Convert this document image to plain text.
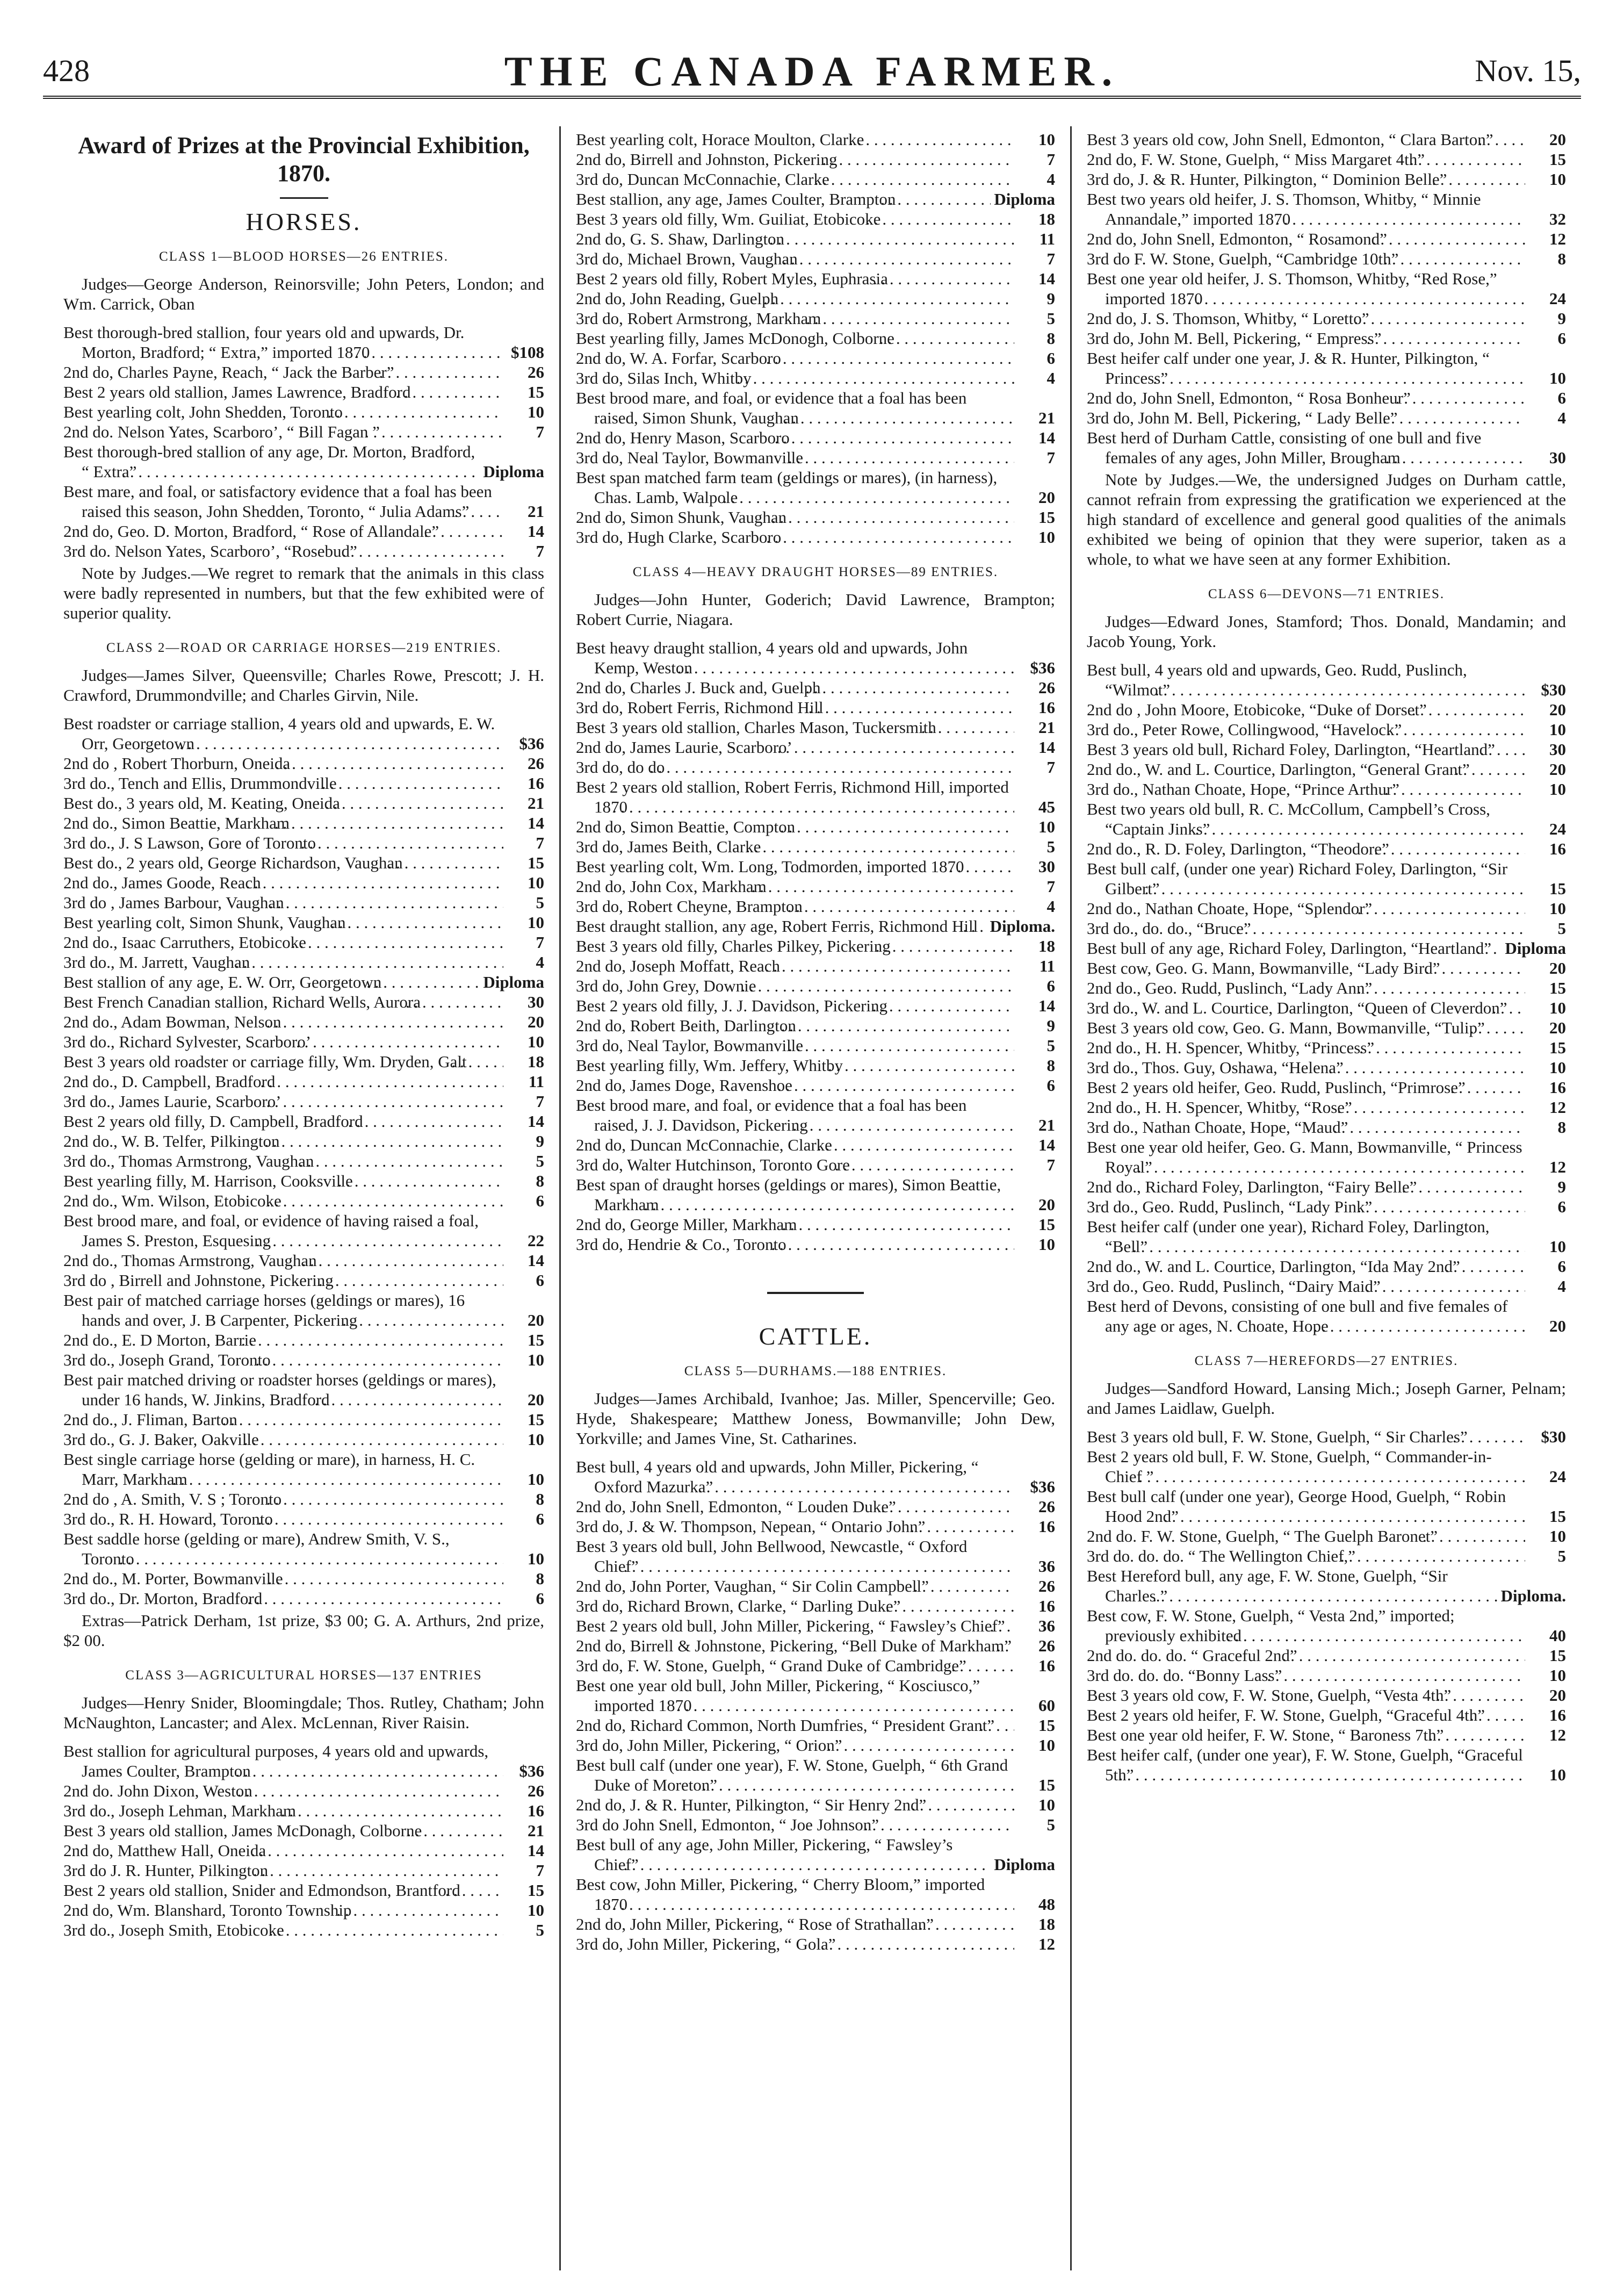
428	THE CANADA FARMER.	Nov. 15,
Award of Prizes at the Provincial Exhibition, 1870.
HORSES.
CLASS 1—BLOOD HORSES—26 ENTRIES.
Judges—George Anderson, Reinorsville; John Peters, London; and Wm. Carrick, Oban
Best thorough-bred stallion, four years old and upwards, Dr. Morton, Bradford; “ Extra,” imported 1870 . . .	$108
2nd do, Charles Payne, Reach, “ Jack the Barber” . . .	26
Best 2 years old stallion, James Lawrence, Bradford . . .	15
Best yearling colt, John Shedden, Toronto . . .	10
2nd do. Nelson Yates, Scarboro’, “ Bill Fagan ” . . .	7
Best thorough-bred stallion of any age, Dr. Morton, Bradford, “ Extra” . . .	Diploma
Best mare, and foal, or satisfactory evidence that a foal has been raised this season, John Shedden, Toronto, “ Julia Adams” . . .	21
2nd do, Geo. D. Morton, Bradford, “ Rose of Allandale” . . .	14
3rd do. Nelson Yates, Scarboro’, “Rosebud” . . .	7
Note by Judges.—We regret to remark that the animals in this class were badly represented in numbers, but that the few exhibited were of superior quality.
CLASS 2—ROAD OR CARRIAGE HORSES—219 ENTRIES.
Judges—James Silver, Queensville; Charles Rowe, Prescott; J. H. Crawford, Drummondville; and Charles Girvin, Nile.
Best roadster or carriage stallion, 4 years old and upwards, E. W. Orr, Georgetown . . .	$36
2nd do , Robert Thorburn, Oneida . . .	26
3rd do., Tench and Ellis, Drummondville . . .	16
Best do., 3 years old, M. Keating, Oneida . . .	21
2nd do., Simon Beattie, Markham . . .	14
3rd do., J. S Lawson, Gore of Toronto . . .	7
Best do., 2 years old, George Richardson, Vaughan . . .	15
2nd do., James Goode, Reach . . .	10
3rd do , James Barbour, Vaughan . . .	5
Best yearling colt, Simon Shunk, Vaughan . . .	10
2nd do., Isaac Carruthers, Etobicoke . . .	7
3rd do., M. Jarrett, Vaughan . . .	4
Best stallion of any age, E. W. Orr, Georgetown . . .	Diploma
Best French Canadian stallion, Richard Wells, Aurora . . .	30
2nd do., Adam Bowman, Nelson . . .	20
3rd do., Richard Sylvester, Scarboro’ . . .	10
Best 3 years old roadster or carriage filly, Wm. Dryden, Galt . . .	18
2nd do., D. Campbell, Bradford . . .	11
3rd do., James Laurie, Scarboro’ . . .	7
Best 2 years old filly, D. Campbell, Bradford . . .	14
2nd do., W. B. Telfer, Pilkington . . .	9
3rd do., Thomas Armstrong, Vaughan . . .	5
Best yearling filly, M. Harrison, Cooksville . . .	8
2nd do., Wm. Wilson, Etobicoke . . .	6
Best brood mare, and foal, or evidence of having raised a foal, James S. Preston, Esquesing . . .	22
2nd do., Thomas Armstrong, Vaughan . . .	14
3rd do , Birrell and Johnstone, Pickering . . .	6
Best pair of matched carriage horses (geldings or mares), 16 hands and over, J. B Carpenter, Pickering . . .	20
2nd do., E. D Morton, Barrie . . .	15
3rd do., Joseph Grand, Toronto . . .	10
Best pair matched driving or roadster horses (geldings or mares), under 16 hands, W. Jinkins, Bradford . . .	20
2nd do., J. Fliman, Barton . . .	15
3rd do., G. J. Baker, Oakville . . .	10
Best single carriage horse (gelding or mare), in harness, H. C. Marr, Markham . . .	10
2nd do , A. Smith, V. S ; Toronto . . .	8
3rd do., R. H. Howard, Toronto . . .	6
Best saddle horse (gelding or mare), Andrew Smith, V. S., Toronto . . .	10
2nd do., M. Porter, Bowmanville . . .	8
3rd do., Dr. Morton, Bradford . . .	6
Extras—Patrick Derham, 1st prize, $3 00; G. A. Arthurs, 2nd prize, $2 00.
CLASS 3—AGRICULTURAL HORSES—137 ENTRIES
Judges—Henry Snider, Bloomingdale; Thos. Rutley, Chatham; John McNaughton, Lancaster; and Alex. McLennan, River Raisin.
Best stallion for agricultural purposes, 4 years old and upwards, James Coulter, Brampton . . .	$36
2nd do. John Dixon, Weston . . .	26
3rd do., Joseph Lehman, Markham . . .	16
Best 3 years old stallion, James McDonagh, Colborne . . .	21
2nd do, Matthew Hall, Oneida . . .	14
3rd do J. R. Hunter, Pilkington . . .	7
Best 2 years old stallion, Snider and Edmondson, Brantford . . .	15
2nd do, Wm. Blanshard, Toronto Township . . .	10
3rd do., Joseph Smith, Etobicoke . . .	5
Best yearling colt, Horace Moulton, Clarke . . .	10
2nd do, Birrell and Johnston, Pickering . . .	7
3rd do, Duncan McConnachie, Clarke . . .	4
Best stallion, any age, James Coulter, Brampton . . .	Diploma
Best 3 years old filly, Wm. Guiliat, Etobicoke . . .	18
2nd do, G. S. Shaw, Darlington . . .	11
3rd do, Michael Brown, Vaughan . . .	7
Best 2 years old filly, Robert Myles, Euphrasia . . .	14
2nd do, John Reading, Guelph . . .	9
3rd do, Robert Armstrong, Markham . . .	5
Best yearling filly, James McDonogh, Colborne . . .	8
2nd do, W. A. Forfar, Scarboro . . .	6
3rd do, Silas Inch, Whitby . . .	4
Best brood mare, and foal, or evidence that a foal has been raised, Simon Shunk, Vaughan . . .	21
2nd do, Henry Mason, Scarboro . . .	14
3rd do, Neal Taylor, Bowmanville . . .	7
Best span matched farm team (geldings or mares), (in harness), Chas. Lamb, Walpole . . .	20
2nd do, Simon Shunk, Vaughan . . .	15
3rd do, Hugh Clarke, Scarboro . . .	10
CLASS 4—HEAVY DRAUGHT HORSES—89 ENTRIES.
Judges—John Hunter, Goderich; David Lawrence, Brampton; Robert Currie, Niagara.
Best heavy draught stallion, 4 years old and upwards, John Kemp, Weston . . .	$36
2nd do, Charles J. Buck and, Guelph . . .	26
3rd do, Robert Ferris, Richmond Hill . . .	16
Best 3 years old stallion, Charles Mason, Tuckersmith . . .	21
2nd do, James Laurie, Scarboro’ . . .	14
3rd do, do do . . .	7
Best 2 years old stallion, Robert Ferris, Richmond Hill, imported 1870 . . .	45
2nd do, Simon Beattie, Compton . . .	10
3rd do, James Beith, Clarke . . .	5
Best yearling colt, Wm. Long, Todmorden, imported 1870 . . .	30
2nd do, John Cox, Markham . . .	7
3rd do, Robert Cheyne, Brampton . . .	4
Best draught stallion, any age, Robert Ferris, Richmond Hill . . . Diploma.
Best 3 years old filly, Charles Pilkey, Pickering . . .	18
2nd do, Joseph Moffatt, Reach . . .	11
3rd do, John Grey, Downie . . .	6
Best 2 years old filly, J. J. Davidson, Pickering . . .	14
2nd do, Robert Beith, Darlington . . .	9
3rd do, Neal Taylor, Bowmanville . . .	5
Best yearling filly, Wm. Jeffery, Whitby . . .	8
2nd do, James Doge, Ravenshoe . . .	6
Best brood mare, and foal, or evidence that a foal has been raised, J. J. Davidson, Pickering . . .	21
2nd do, Duncan McConnachie, Clarke . . .	14
3rd do, Walter Hutchinson, Toronto Gore . . .	7
Best span of draught horses (geldings or mares), Simon Beattie, Markham . . .	20
2nd do, George Miller, Markham . . .	15
3rd do, Hendrie & Co., Toronto . . .	10
CATTLE.
CLASS 5—DURHAMS.—188 ENTRIES.
Judges—James Archibald, Ivanhoe; Jas. Miller, Spencerville; Geo. Hyde, Shakespeare; Matthew Joness, Bowmanville; John Dew, Yorkville; and James Vine, St. Catharines.
Best bull, 4 years old and upwards, John Miller, Pickering, “ Oxford Mazurka” . . .	$36
2nd do, John Snell, Edmonton, “ Louden Duke” . . .	26
3rd do, J. & W. Thompson, Nepean, “ Ontario John” . . .	16
Best 3 years old bull, John Bellwood, Newcastle, “ Oxford Chief” . . .	36
2nd do, John Porter, Vaughan, “ Sir Colin Campbell” . . .	26
3rd do, Richard Brown, Clarke, “ Darling Duke” . . .	16
Best 2 years old bull, John Miller, Pickering, “ Fawsley’s Chief” . . .	36
2nd do, Birrell & Johnstone, Pickering, “Bell Duke of Markham” . . .	26
3rd do, F. W. Stone, Guelph, “ Grand Duke of Cambridge” . . .	16
Best one year old bull, John Miller, Pickering, “ Kosciusco,” imported 1870 . . .	60
2nd do, Richard Common, North Dumfries, “ President Grant” . . .	15
3rd do, John Miller, Pickering, “ Orion” . . .	10
Best bull calf (under one year), F. W. Stone, Guelph, “ 6th Grand Duke of Moreton” . . .	15
2nd do, J. & R. Hunter, Pilkington, “ Sir Henry 2nd” . . .	10
3rd do John Snell, Edmonton, “ Joe Johnson” . . .	5
Best bull of any age, John Miller, Pickering, “ Fawsley’s Chief” . . .	Diploma
Best cow, John Miller, Pickering, “ Cherry Bloom,” imported 1870 . . .	48
2nd do, John Miller, Pickering, “ Rose of Strathallan” . . .	18
3rd do, John Miller, Pickering, “ Gola” . . .	12
Best 3 years old cow, John Snell, Edmonton, “ Clara Barton” . . .	20
2nd do, F. W. Stone, Guelph, “ Miss Margaret 4th” . . .	15
3rd do, J. & R. Hunter, Pilkington, “ Dominion Belle” . . .	10
Best two years old heifer, J. S. Thomson, Whitby, “ Minnie Annandale,” imported 1870 . . .	32
2nd do, John Snell, Edmonton, “ Rosamond” . . .	12
3rd do F. W. Stone, Guelph, “Cambridge 10th” . . .	8
Best one year old heifer, J. S. Thomson, Whitby, “Red Rose,” imported 1870 . . .	24
2nd do, J. S. Thomson, Whitby, “ Loretto” . . .	9
3rd do, John M. Bell, Pickering, “ Empress” . . .	6
Best heifer calf under one year, J. & R. Hunter, Pilkington, “ Princess” . . .	10
2nd do, John Snell, Edmonton, “ Rosa Bonheur” . . .	6
3rd do, John M. Bell, Pickering, “ Lady Belle” . . .	4
Best herd of Durham Cattle, consisting of one bull and five females of any ages, John Miller, Brougham . . .	30
Note by Judges.—We, the undersigned Judges on Durham cattle, cannot refrain from expressing the gratification we experienced at the high standard of excellence and general good qualities of the animals exhibited we being of opinion that they were superior, taken as a whole, to what we have seen at any former Exhibition.
CLASS 6—DEVONS—71 ENTRIES.
Judges—Edward Jones, Stamford; Thos. Donald, Mandamin; and Jacob Young, York.
Best bull, 4 years old and upwards, Geo. Rudd, Puslinch, “Wilmot” . . .	$30
2nd do , John Moore, Etobicoke, “Duke of Dorset” . . .	20
3rd do., Peter Rowe, Collingwood, “Havelock” . . .	10
Best 3 years old bull, Richard Foley, Darlington, “Heartland” . . .	30
2nd do., W. and L. Courtice, Darlington, “General Grant” . . .	20
3rd do., Nathan Choate, Hope, “Prince Arthur” . . .	10
Best two years old bull, R. C. McCollum, Campbell’s Cross, “Captain Jinks” . . .	24
2nd do., R. D. Foley, Darlington, “Theodore” . . .	16
Best bull calf, (under one year) Richard Foley, Darlington, “Sir Gilbert” . . .	15
2nd do., Nathan Choate, Hope, “Splendor” . . .	10
3rd do., do. do., “Bruce” . . .	5
Best bull of any age, Richard Foley, Darlington, “Heartland” . . . Diploma
Best cow, Geo. G. Mann, Bowmanville, “Lady Bird” . . .	20
2nd do., Geo. Rudd, Puslinch, “Lady Ann” . . .	15
3rd do., W. and L. Courtice, Darlington, “Queen of Cleverdon” . . .	10
Best 3 years old cow, Geo. G. Mann, Bowmanville, “Tulip” . . .	20
2nd do., H. H. Spencer, Whitby, “Princess” . . .	15
3rd do., Thos. Guy, Oshawa, “Helena” . . .	10
Best 2 years old heifer, Geo. Rudd, Puslinch, “Primrose” . . .	16
2nd do., H. H. Spencer, Whitby, “Rose” . . .	12
3rd do., Nathan Choate, Hope, “Maud” . . .	8
Best one year old heifer, Geo. G. Mann, Bowmanville, “ Princess Royal” . . .	12
2nd do., Richard Foley, Darlington, “Fairy Belle” . . .	9
3rd do., Geo. Rudd, Puslinch, “Lady Pink” . . .	6
Best heifer calf (under one year), Richard Foley, Darlington, “Bell” . . .	10
2nd do., W. and L. Courtice, Darlington, “Ida May 2nd” . . .	6
3rd do., Geo. Rudd, Puslinch, “Dairy Maid” . . .	4
Best herd of Devons, consisting of one bull and five females of any age or ages, N. Choate, Hope . . .	20
CLASS 7—HEREFORDS—27 ENTRIES.
Judges—Sandford Howard, Lansing Mich.; Joseph Garner, Pelnam; and James Laidlaw, Guelph.
Best 3 years old bull, F. W. Stone, Guelph, “ Sir Charles” . . .	$30
Best 2 years old bull, F. W. Stone, Guelph, “ Commander-in-Chief ” . . .	24
Best bull calf (under one year), George Hood, Guelph, “ Robin Hood 2nd” . . .	15
2nd do. F. W. Stone, Guelph, “ The Guelph Baronet” . . .	10
3rd do. do. do. “ The Wellington Chief,” . . .	5
Best Hereford bull, any age, F. W. Stone, Guelph, “Sir Charles.” . . .	Diploma.
Best cow, F. W. Stone, Guelph, “ Vesta 2nd,” imported; previously exhibited . . .	40
2nd do. do. do. “ Graceful 2nd” . . .	15
3rd do. do. do. “Bonny Lass” . . .	10
Best 3 years old cow, F. W. Stone, Guelph, “Vesta 4th” . . .	20
Best 2 years old heifer, F. W. Stone, Guelph, “Graceful 4th” . . .	16
Best one year old heifer, F. W. Stone, “ Baroness 7th” . . .	12
Best heifer calf, (under one year), F. W. Stone, Guelph, “Graceful 5th” . . .	10
